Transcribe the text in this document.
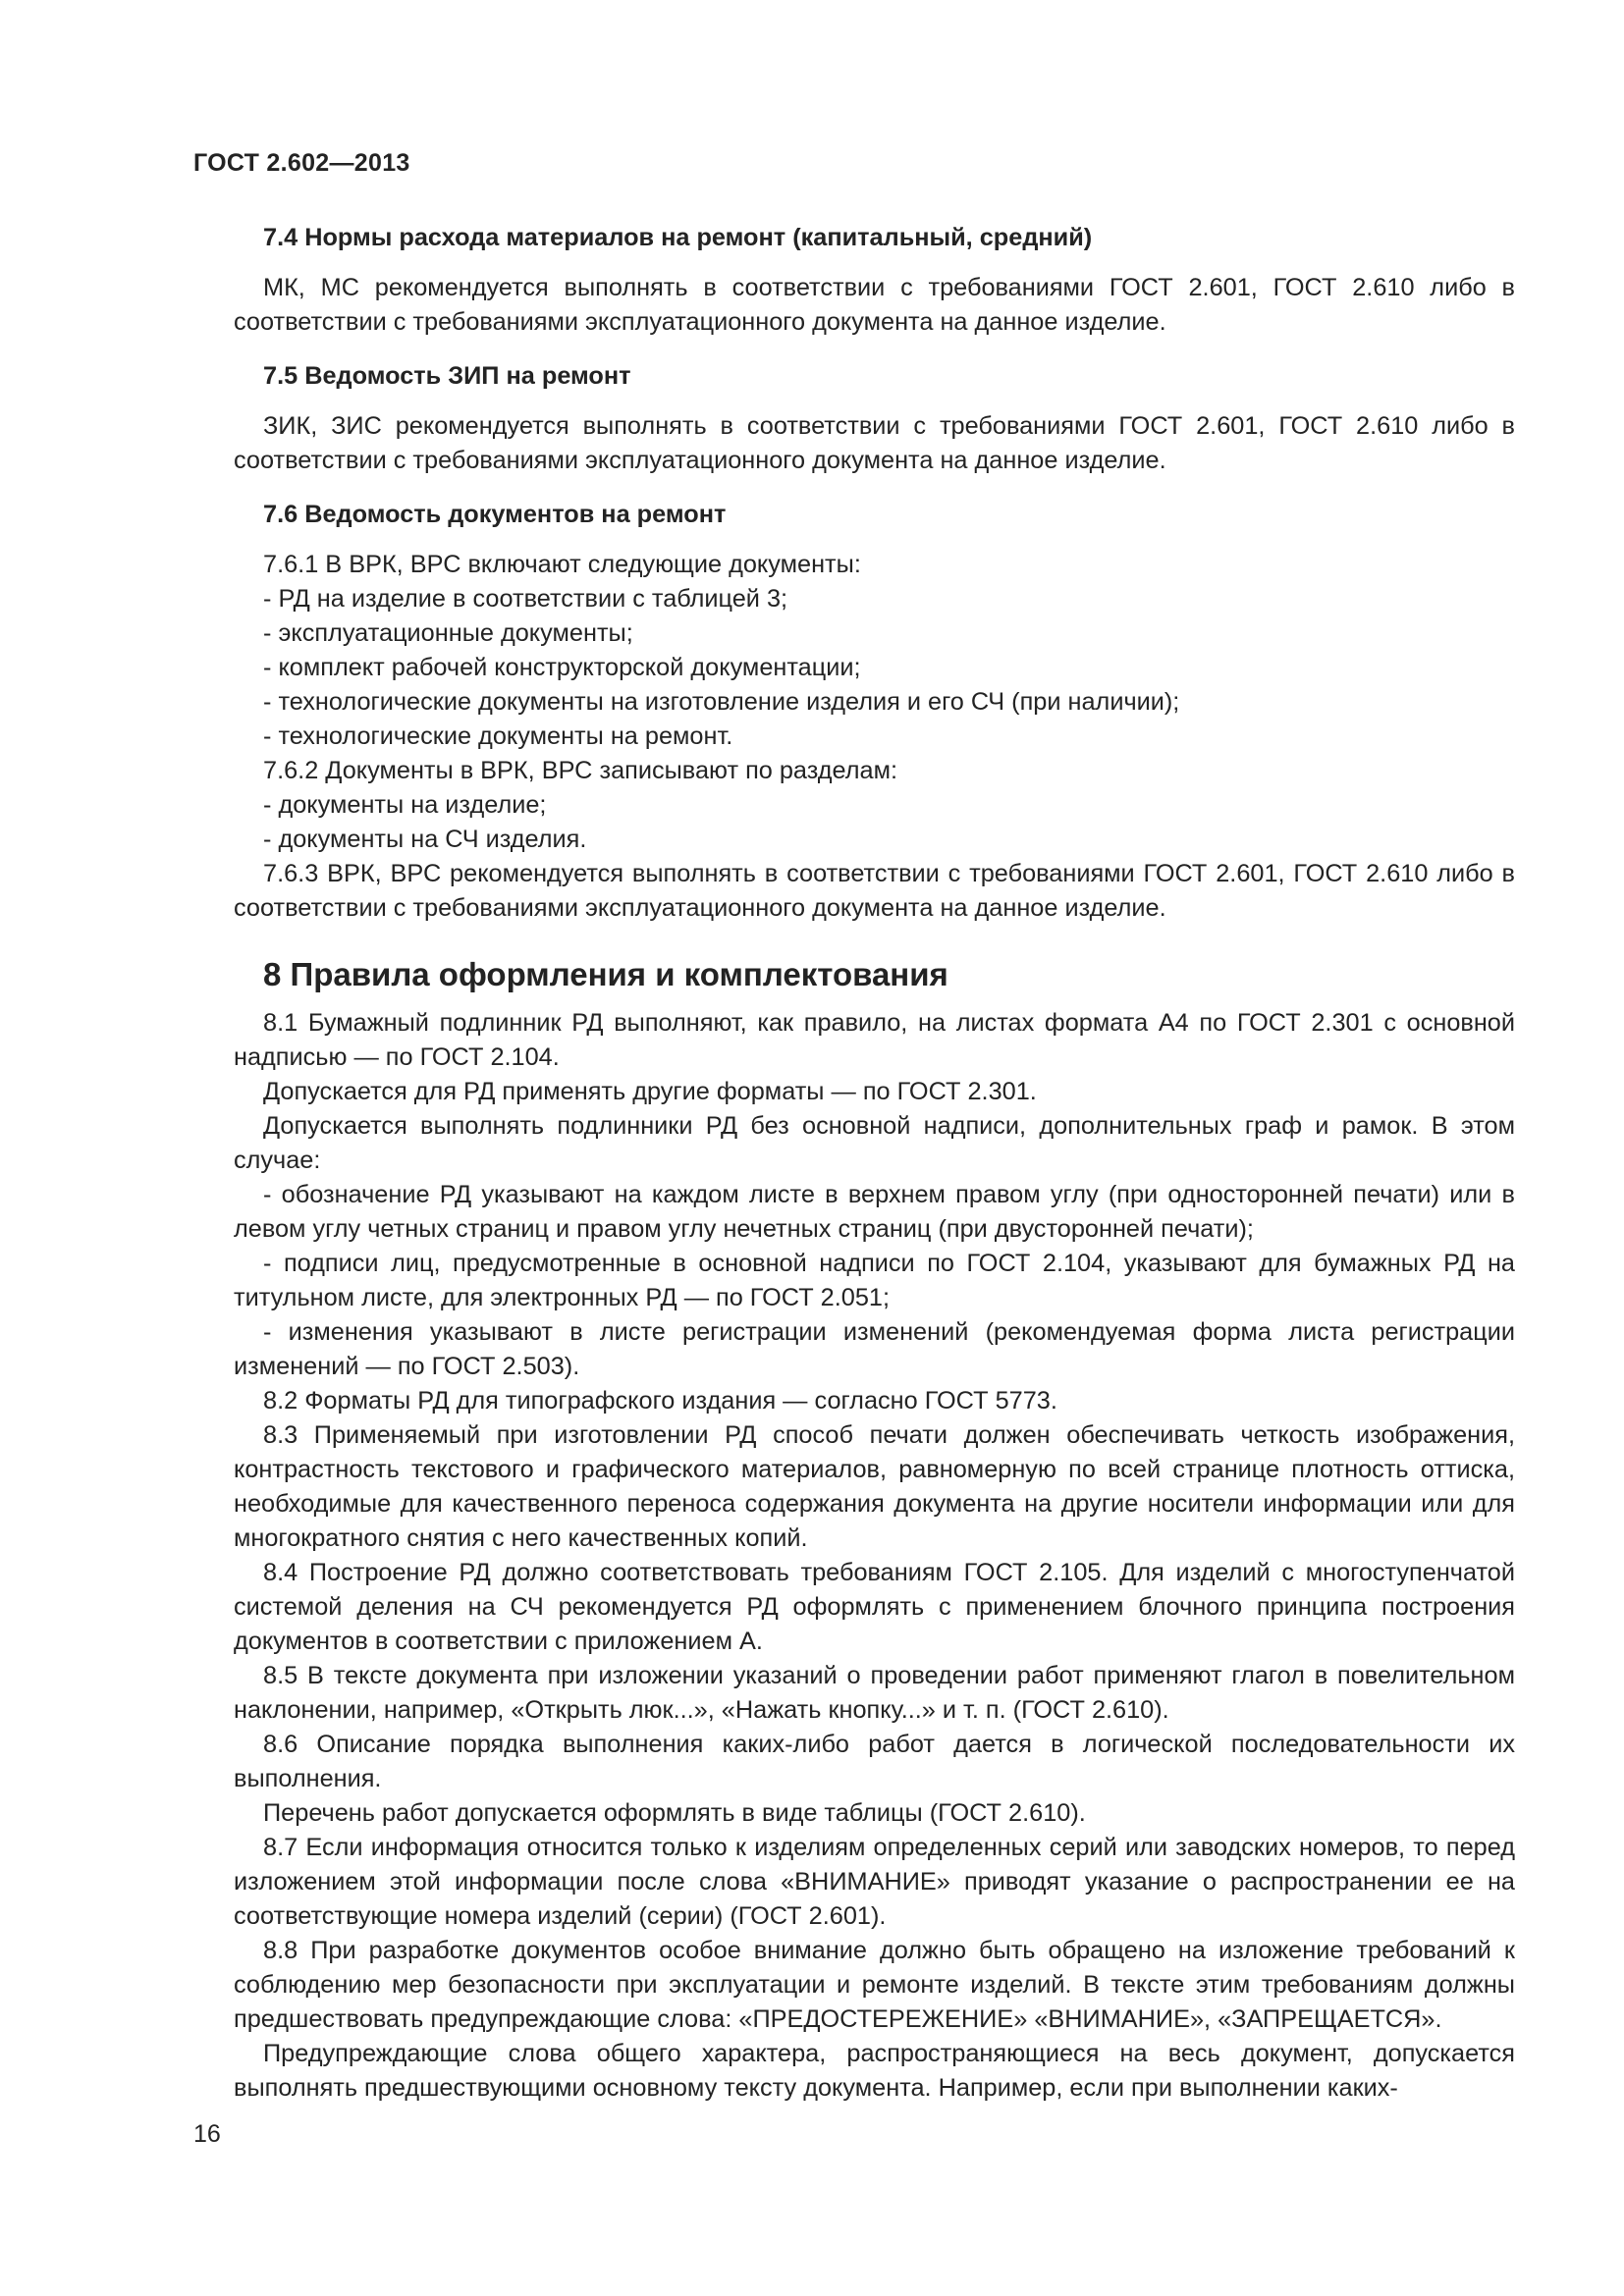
ГОСТ 2.602—2013

7.4 Нормы расхода материалов на ремонт (капитальный, средний)

МК, МС рекомендуется выполнять в соответствии с требованиями ГОСТ 2.601, ГОСТ 2.610 либо в соответствии с требованиями эксплуатационного документа на данное изделие.

7.5 Ведомость ЗИП на ремонт

ЗИК, ЗИС рекомендуется выполнять в соответствии с требованиями ГОСТ 2.601, ГОСТ 2.610 либо в соответствии с требованиями эксплуатационного документа на данное изделие.

7.6 Ведомость документов на ремонт

7.6.1 В ВРК, ВРС включают следующие документы:

- РД на изделие в соответствии с таблицей 3;

- эксплуатационные документы;

- комплект рабочей конструкторской документации;

- технологические документы на изготовление изделия и его СЧ (при наличии);

- технологические документы на ремонт.

7.6.2 Документы в ВРК, ВРС записывают по разделам:

- документы на изделие;

- документы на СЧ изделия.

7.6.3 ВРК, ВРС рекомендуется выполнять в соответствии с требованиями ГОСТ 2.601, ГОСТ 2.610 либо в соответствии с требованиями эксплуатационного документа на данное изделие.

8 Правила оформления и комплектования

8.1 Бумажный подлинник РД выполняют, как правило, на листах формата А4 по ГОСТ 2.301 с основной надписью — по ГОСТ 2.104.

Допускается для РД применять другие форматы — по ГОСТ 2.301.

Допускается выполнять подлинники РД без основной надписи, дополнительных граф и рамок. В этом случае:

- обозначение РД указывают на каждом листе в верхнем правом углу (при односторонней печати) или в левом углу четных страниц и правом углу нечетных страниц (при двусторонней печати);

- подписи лиц, предусмотренные в основной надписи по ГОСТ 2.104, указывают для бумажных РД на титульном листе, для электронных РД — по ГОСТ 2.051;

- изменения указывают в листе регистрации изменений (рекомендуемая форма листа регистрации изменений — по ГОСТ 2.503).

8.2 Форматы РД для типографского издания — согласно ГОСТ 5773.

8.3 Применяемый при изготовлении РД способ печати должен обеспечивать четкость изображения, контрастность текстового и графического материалов, равномерную по всей странице плотность оттиска, необходимые для качественного переноса содержания документа на другие носители информации или для многократного снятия с него качественных копий.

8.4 Построение РД должно соответствовать требованиям ГОСТ 2.105. Для изделий с многоступенчатой системой деления на СЧ рекомендуется РД оформлять с применением блочного принципа построения документов в соответствии с приложением А.

8.5 В тексте документа при изложении указаний о проведении работ применяют глагол в повелительном наклонении, например, «Открыть люк...», «Нажать кнопку...» и т. п. (ГОСТ 2.610).

8.6 Описание порядка выполнения каких-либо работ дается в логической последовательности их выполнения.

Перечень работ допускается оформлять в виде таблицы (ГОСТ 2.610).

8.7 Если информация относится только к изделиям определенных серий или заводских номеров, то перед изложением этой информации после слова «ВНИМАНИЕ» приводят указание о распространении ее на соответствующие номера изделий (серии) (ГОСТ 2.601).

8.8 При разработке документов особое внимание должно быть обращено на изложение требований к соблюдению мер безопасности при эксплуатации и ремонте изделий. В тексте этим требованиям должны предшествовать предупреждающие слова: «ПРЕДОСТЕРЕЖЕНИЕ» «ВНИМАНИЕ», «ЗАПРЕЩАЕТСЯ».

Предупреждающие слова общего характера, распространяющиеся на весь документ, допускается выполнять предшествующими основному тексту документа. Например, если при выполнении каких-

16
